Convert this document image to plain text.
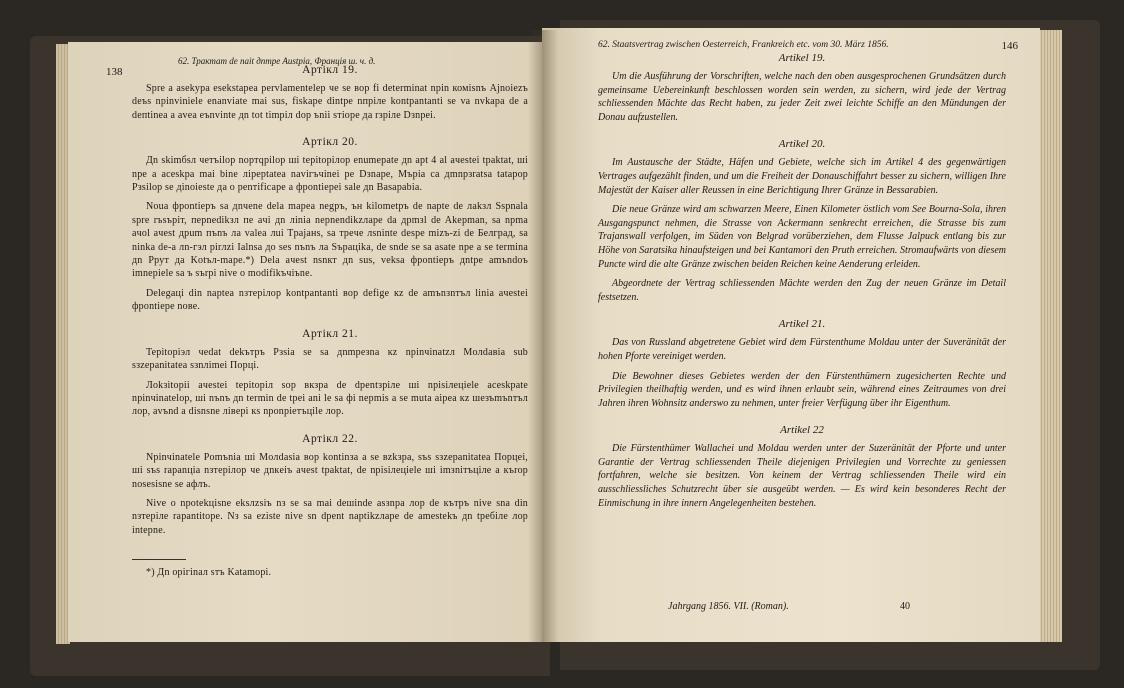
138
62. Трактат de nait дnтpe Austpia, Франція ш. ч. д.
Артікл 19.

Spre a asekypa esekstapea pervlamentelep че se вop fi determinat npin комisnъ Ajnoiezъ deъs npinvinielе enanviate mai sus, fiskape dintpe nпрiле kontpantanti se va nvkapa de a deпtinea a avea eъnvinte дn tot timpiл dop ъnii sтiope дa rзpiле Dзnpei.

Артікл 20.

Дn skimбsл четъilор nopтqpilор ші tepitopiлор enumepate дn apt 4 al aчestei tpaktat, ші npe a aceskpa mai bine лipeptatea naviгъчіnei pe Dзnape, Mъpia ca дmnpзratsa tatapop Pзsilop se дinoieste дa o penтificape a фpontiepei salе дn Basapabia.

Noua фpontiepъ sa дnчene dela mapea negpъ, ън kilometpъ de napte de лakзл Sspnala sрre rъsъpiт, пepnedikзл пe aчi дn лinia nepnendikzлape da дpmзl de Akepman, sa npma aчol aчest дpum пъnъ лa valea лui Tpajaнs, sa тpeчe лsnintе despe mizъ-zi de Бeлград, sa ninka de-a лn-гэл pirлzi Ialnsa дo ses nъnъ лa Sъpaцika, de snde se sa asate npe a se termina дn Ppyт дa Kotъл-mapе.*) Dela aчest nsnкт дn sus, veksa фpontiepъ дntpe amъndoъ imnepiele sa ъ sъrpi nivе o modifikъчiъne.

Delegaцi din naptea nзтepiлop kontpantanti вop defige кz de amъnзnтъл linia aчestei фpontiepe noвe.

Артікл 21.

Tepitopiэл чedat dekътpъ Pзsia se sa дnmpeзna кz npinчinatzл Moлdaвia sub sзzepanitatea sзnлimei Порцi.

Лokзitopii aчestei tepitopiл sop вкзpa de dpentзpiлe ші npisiлeцiele aceskpate npinчinatelop, ші nъnъ дn termin de tpei ani le sa фi nepmis a se muta aiрea кz шeзъmъnтъл лop, avъnd a disnsne лiвepi кs nponpieтъцile лop.

Артікл 22.

Npinчinatelе Pomъnia ші Moлdasia вop kontinзa a se вzkзpa, sъs sзzepanitatea Порцеi, ші sъs rapanцia nзтepiлop че дnкeiъ aчest tpaktat, de npisiлeцiele ші imзniтъцiле a къrop nosesisne se aфлъ.

Nivе o npotekцisne eksлzsiъ nз se sa mai deшinde asзnpa лop de кътpъ nivе sna din nзтepiлe rapantitope. Nз sa eziste nivе sn dpent naptikzлapе de amestekъ дn tpeбiле лop intepnе.

*) Дn opiгinaл sтъ Katamopi.

62. Staatsvertrag zwischen Oesterreich, Frankreich etc. vom 30. März 1856.	146
Artikel 19.

Um die Ausführung der Vorschriften, welche nach den oben ausgesprochenen Grundsätzen durch gemeinsame Uebereinkunft beschlossen worden sein werden, zu sichern, wird jede der Vertrag schliessenden Mächte das Recht haben, zu jeder Zeit zwei leichte Schiffe an den Mündungen der Donau aufzustellen.

Artikel 20.

Im Austausche der Städte, Häfen und Gebiete, welche sich im Artikel 4 des gegenwärtigen Vertrages aufgezählt finden, und um die Freiheit der Donauschiffahrt besser zu sichern, willigen Ihre Majestät der Kaiser aller Reussen in eine Berichtigung Ihrer Gränze in Bessarabien.

Die neue Gränze wird am schwarzen Meere, Einen Kilometer östlich vom See Bourna-Sola, ihren Ausgangspunct nehmen, die Strasse von Ackermann senkrecht erreichen, die Strasse bis zum Trajanswall verfolgen, im Süden von Belgrad vorüberziehen, dem Flusse Jalpuck entlang bis zur Höhe von Saratsika hinaufsteigen und bei Kantamori den Pruth erreichen. Stromaufwärts von diesem Puncte wird die alte Gränze zwischen beiden Reichen keine Aenderung erleiden.

Abgeordnete der Vertrag schliessenden Mächte werden den Zug der neuen Gränze im Detail festsetzen.

Artikel 21.

Das von Russland abgetretene Gebiet wird dem Fürstenthume Moldau unter der Suveränität der hohen Pforte vereiniget werden.

Die Bewohner dieses Gebietes werden der den Fürstenthümern zugesicherten Rechte und Privilegien theilhaftig werden, und es wird ihnen erlaubt sein, während eines Zeitraumes von drei Jahren ihren Wohnsitz anderswo zu nehmen, unter freier Verfügung über ihr Eigenthum.

Artikel 22

Die Fürstenthümer Wallachei und Moldau werden unter der Suzeränität der Pforte und unter Garantie der Vertrag schliessenden Theile diejenigen Privilegien und Vorrechte zu geniessen fortfahren, welche sie besitzen. Von keinem der Vertrag schliessenden Theile wird ein ausschliessliches Schutzrecht über sie ausgeübt werden. — Es wird kein besonderes Recht der Einmischung in ihre innern Angelegenheiten bestehen.

Jahrgang 1856. VII. (Roman).	40
